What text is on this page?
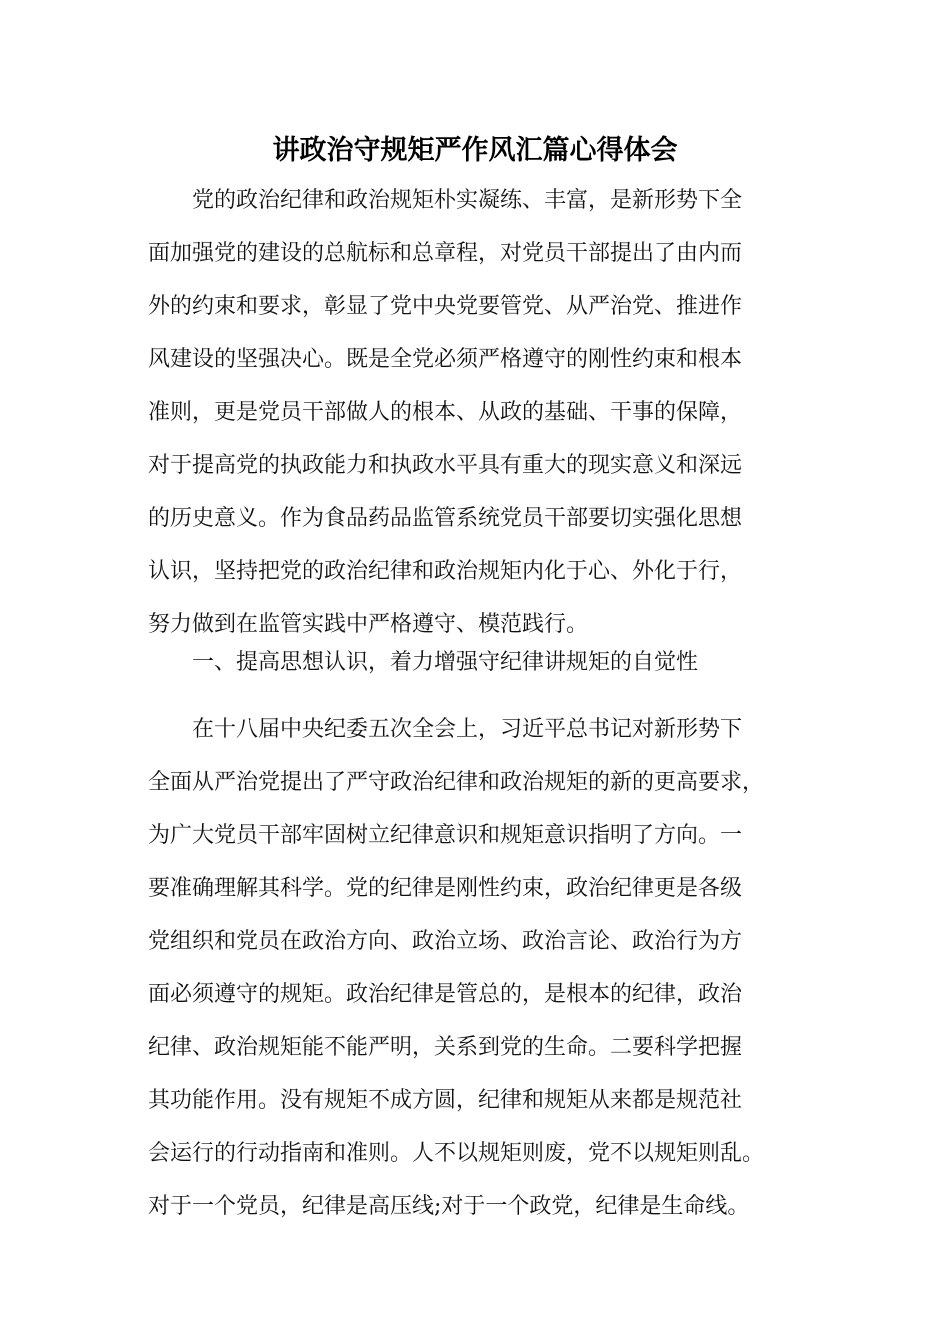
讲政治守规矩严作风汇篇心得体会
党的政治纪律和政治规矩朴实凝练、丰富，是新形势下全
面加强党的建设的总航标和总章程，对党员干部提出了由内而
外的约束和要求，彰显了党中央党要管党、从严治党、推进作
风建设的坚强决心。既是全党必须严格遵守的刚性约束和根本
准则，更是党员干部做人的根本、从政的基础、干事的保障，
对于提高党的执政能力和执政水平具有重大的现实意义和深远
的历史意义。作为食品药品监管系统党员干部要切实强化思想
认识，坚持把党的政治纪律和政治规矩内化于心、外化于行，
努力做到在监管实践中严格遵守、模范践行。
一、提高思想认识，着力增强守纪律讲规矩的自觉性
在十八届中央纪委五次全会上，习近平总书记对新形势下
全面从严治党提出了严守政治纪律和政治规矩的新的更高要求，
为广大党员干部牢固树立纪律意识和规矩意识指明了方向。一
要准确理解其科学。党的纪律是刚性约束，政治纪律更是各级
党组织和党员在政治方向、政治立场、政治言论、政治行为方
面必须遵守的规矩。政治纪律是管总的，是根本的纪律，政治
纪律、政治规矩能不能严明，关系到党的生命。二要科学把握
其功能作用。没有规矩不成方圆，纪律和规矩从来都是规范社
会运行的行动指南和准则。人不以规矩则废，党不以规矩则乱。
对于一个党员，纪律是高压线;对于一个政党，纪律是生命线。
